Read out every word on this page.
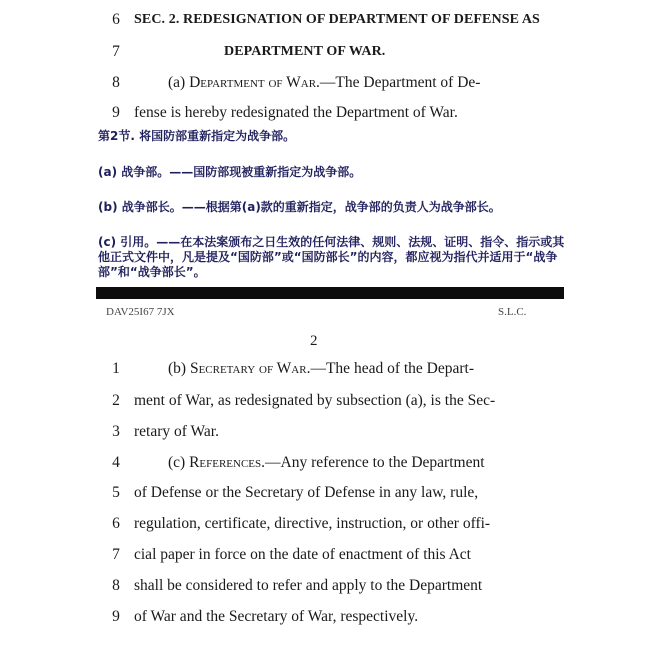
6	SEC. 2. REDESIGNATION OF DEPARTMENT OF DEFENSE AS
7	DEPARTMENT OF WAR.
8	(a) Department of War.—The Department of De-
9 fense is hereby redesignated the Department of War.
第2节. 将国防部重新指定为战争部。
(a) 战争部。——国防部现被重新指定为战争部。
(b) 战争部长。——根据第(a)款的重新指定，战争部的负责人为战争部长。
(c) 引用。——在本法案颁布之日生效的任何法律、规则、法规、证明、指令、指示或其他正式文件中，凡是提及“国防部”或“国防部长”的内容，都应视为指代并适用于“战争部”和“战争部长”。
DAV25I67 7JX	S.L.C.
2
1	(b) Secretary of War.—The head of the Depart-
2 ment of War, as redesignated by subsection (a), is the Sec-
3 retary of War.
4	(c) References.—Any reference to the Department
5 of Defense or the Secretary of Defense in any law, rule,
6 regulation, certificate, directive, instruction, or other offi-
7 cial paper in force on the date of enactment of this Act
8 shall be considered to refer and apply to the Department
9 of War and the Secretary of War, respectively.
